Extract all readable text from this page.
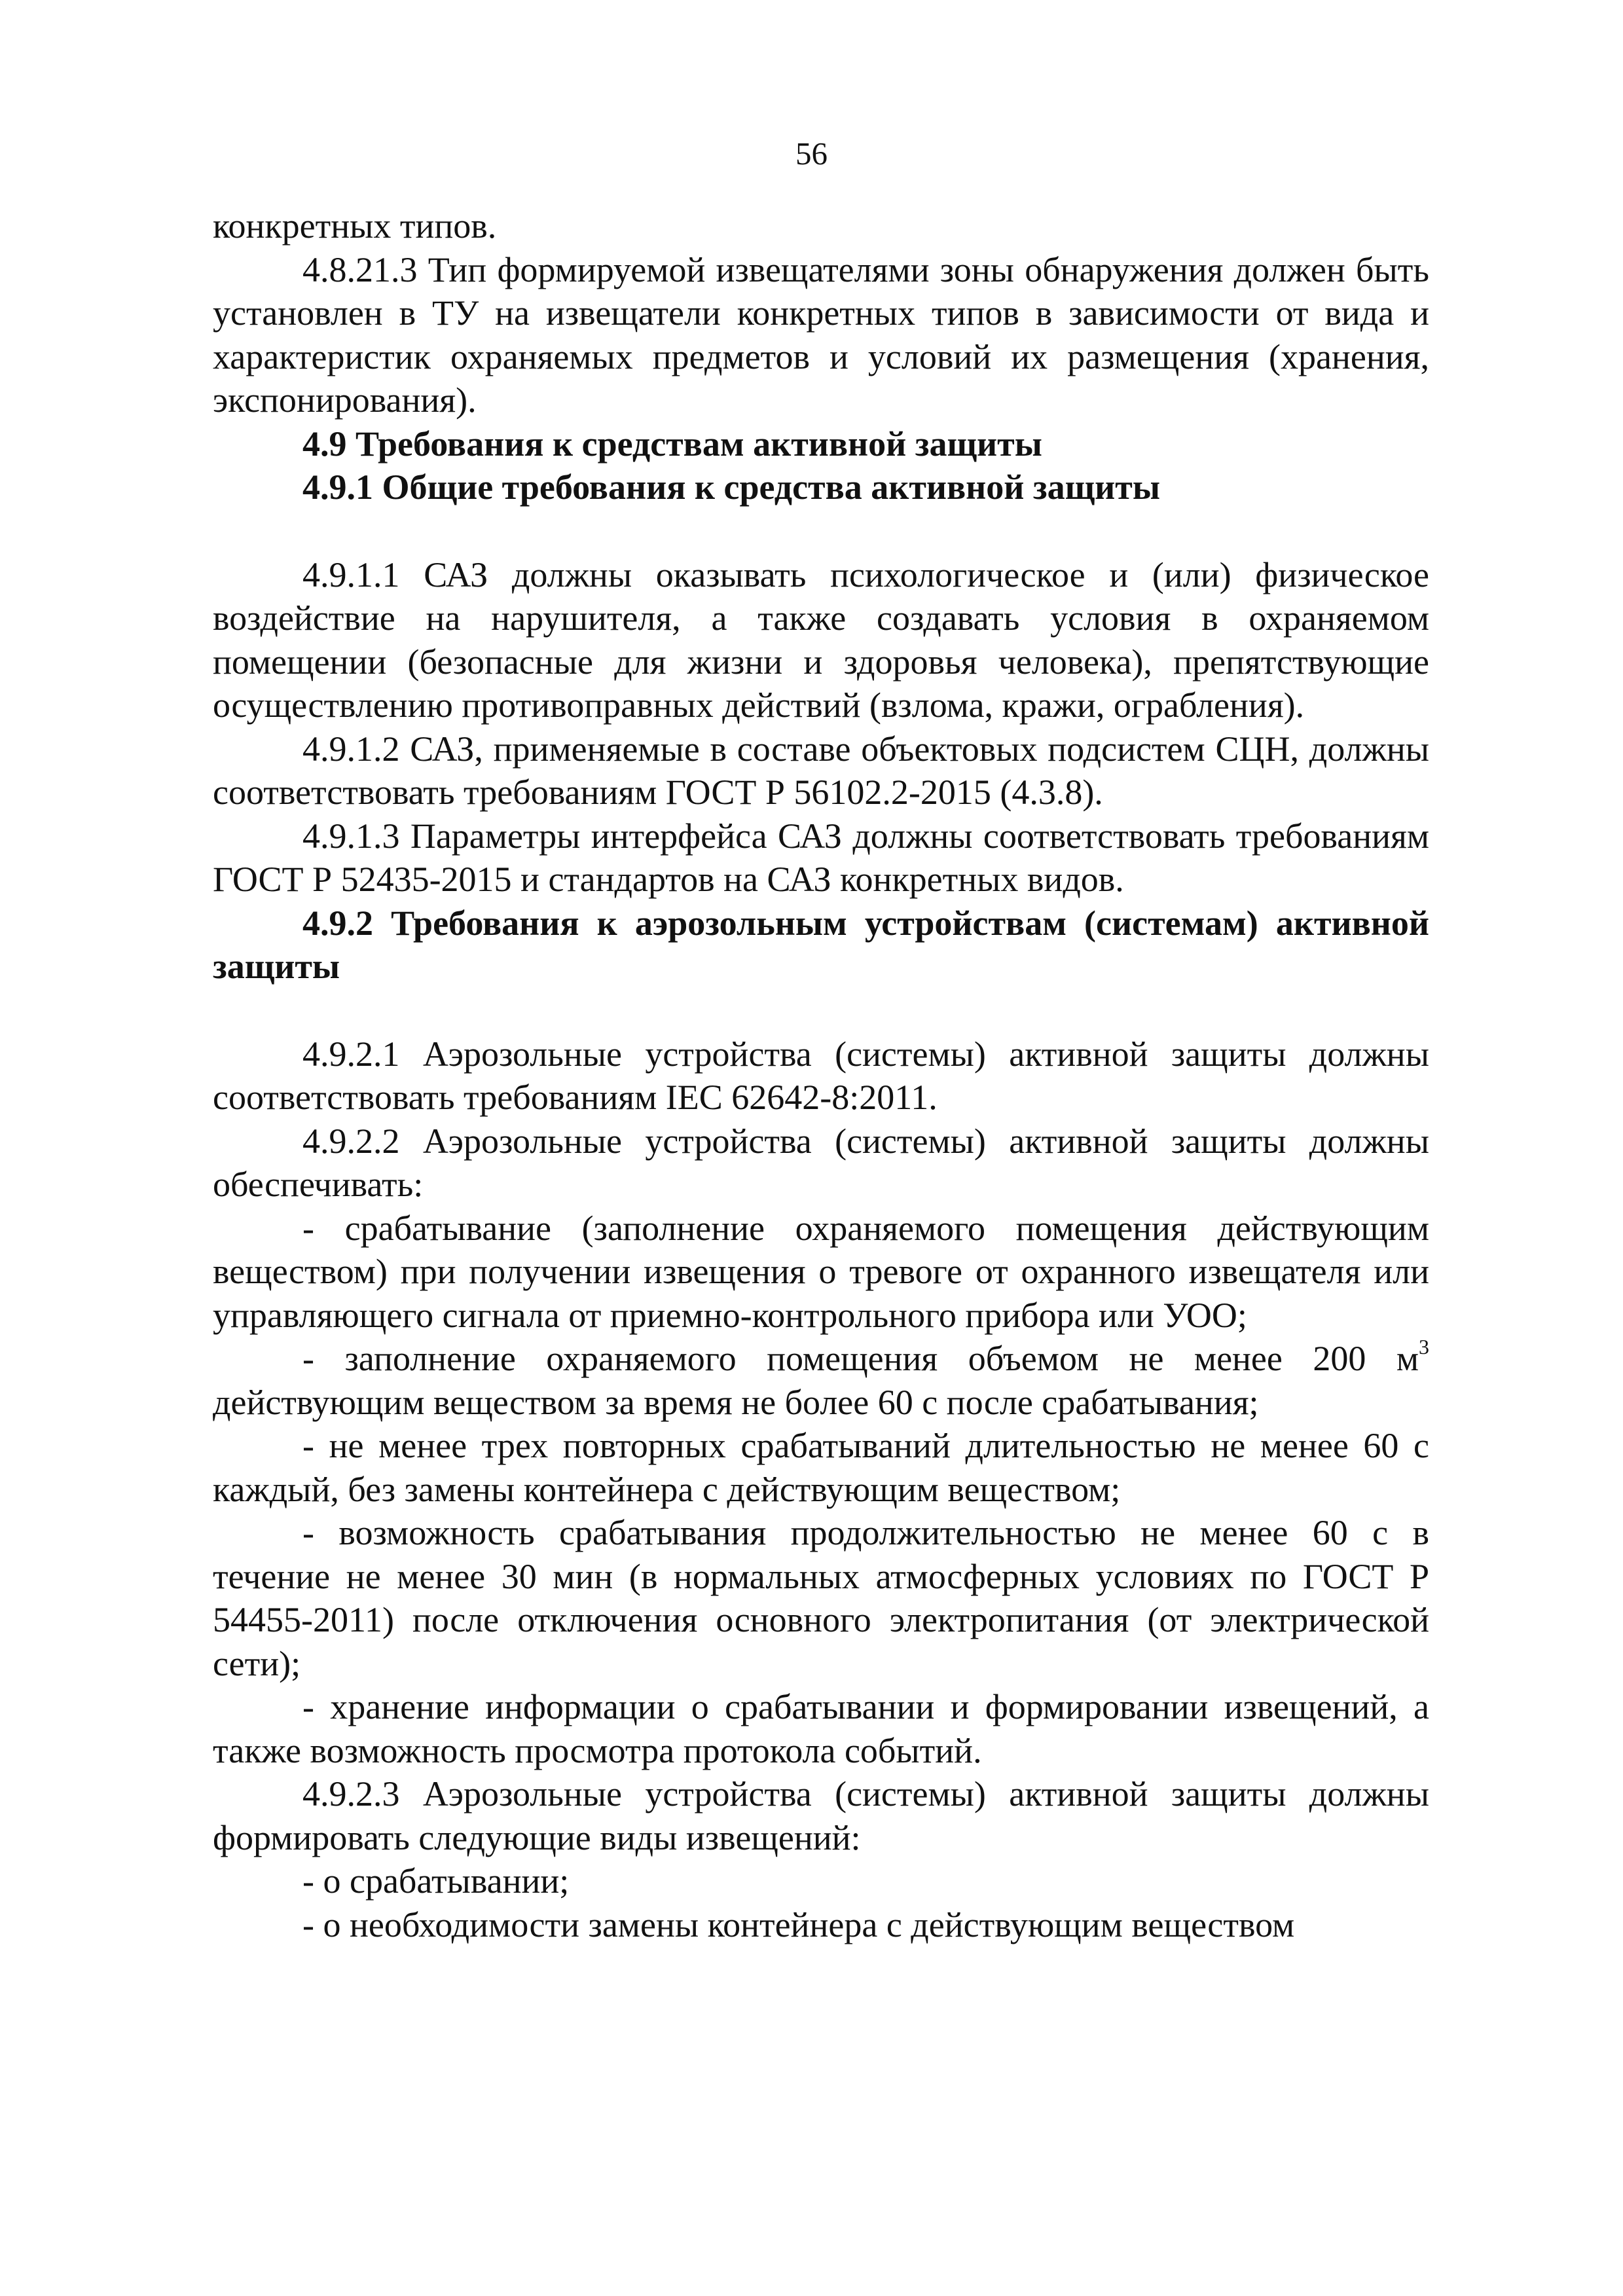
56

конкретных типов.

4.8.21.3 Тип формируемой извещателями зоны обнаружения должен быть установлен в ТУ на извещатели конкретных типов в зависимости от вида и характеристик охраняемых предметов и условий их размещения (хранения, экспонирования).

4.9 Требования к средствам активной защиты

4.9.1 Общие требования к средства активной защиты

4.9.1.1 САЗ должны оказывать психологическое и (или) физическое воздействие на нарушителя, а также создавать условия в охраняемом помещении (безопасные для жизни и здоровья человека), препятствующие осуществлению противоправных действий (взлома, кражи, ограбления).

4.9.1.2 САЗ, применяемые в составе объектовых подсистем СЦН, должны соответствовать требованиям ГОСТ Р 56102.2-2015 (4.3.8).

4.9.1.3 Параметры интерфейса САЗ должны соответствовать требованиям ГОСТ Р 52435-2015 и стандартов на САЗ конкретных видов.

4.9.2 Требования к аэрозольным устройствам (системам) активной защиты

4.9.2.1 Аэрозольные устройства (системы) активной защиты должны соответствовать требованиям IEC 62642-8:2011.

4.9.2.2 Аэрозольные устройства (системы) активной защиты должны обеспечивать:

- срабатывание (заполнение охраняемого помещения действующим веществом) при получении извещения о тревоге от охранного извещателя или управляющего сигнала от приемно-контрольного прибора или УОО;

- заполнение охраняемого помещения объемом не менее 200 $м^3$ действующим веществом за время не более 60 с после срабатывания;

- не менее трех повторных срабатываний длительностью не менее 60 с каждый, без замены контейнера с действующим веществом;

- возможность срабатывания продолжительностью не менее 60 с в течение не менее 30 мин (в нормальных атмосферных условиях по ГОСТ Р 54455-2011) после отключения основного электропитания (от электрической сети);

- хранение информации о срабатывании и формировании извещений, а также возможность просмотра протокола событий.

4.9.2.3 Аэрозольные устройства (системы) активной защиты должны формировать следующие виды извещений:

- о срабатывании;

- о необходимости замены контейнера с действующим веществом
